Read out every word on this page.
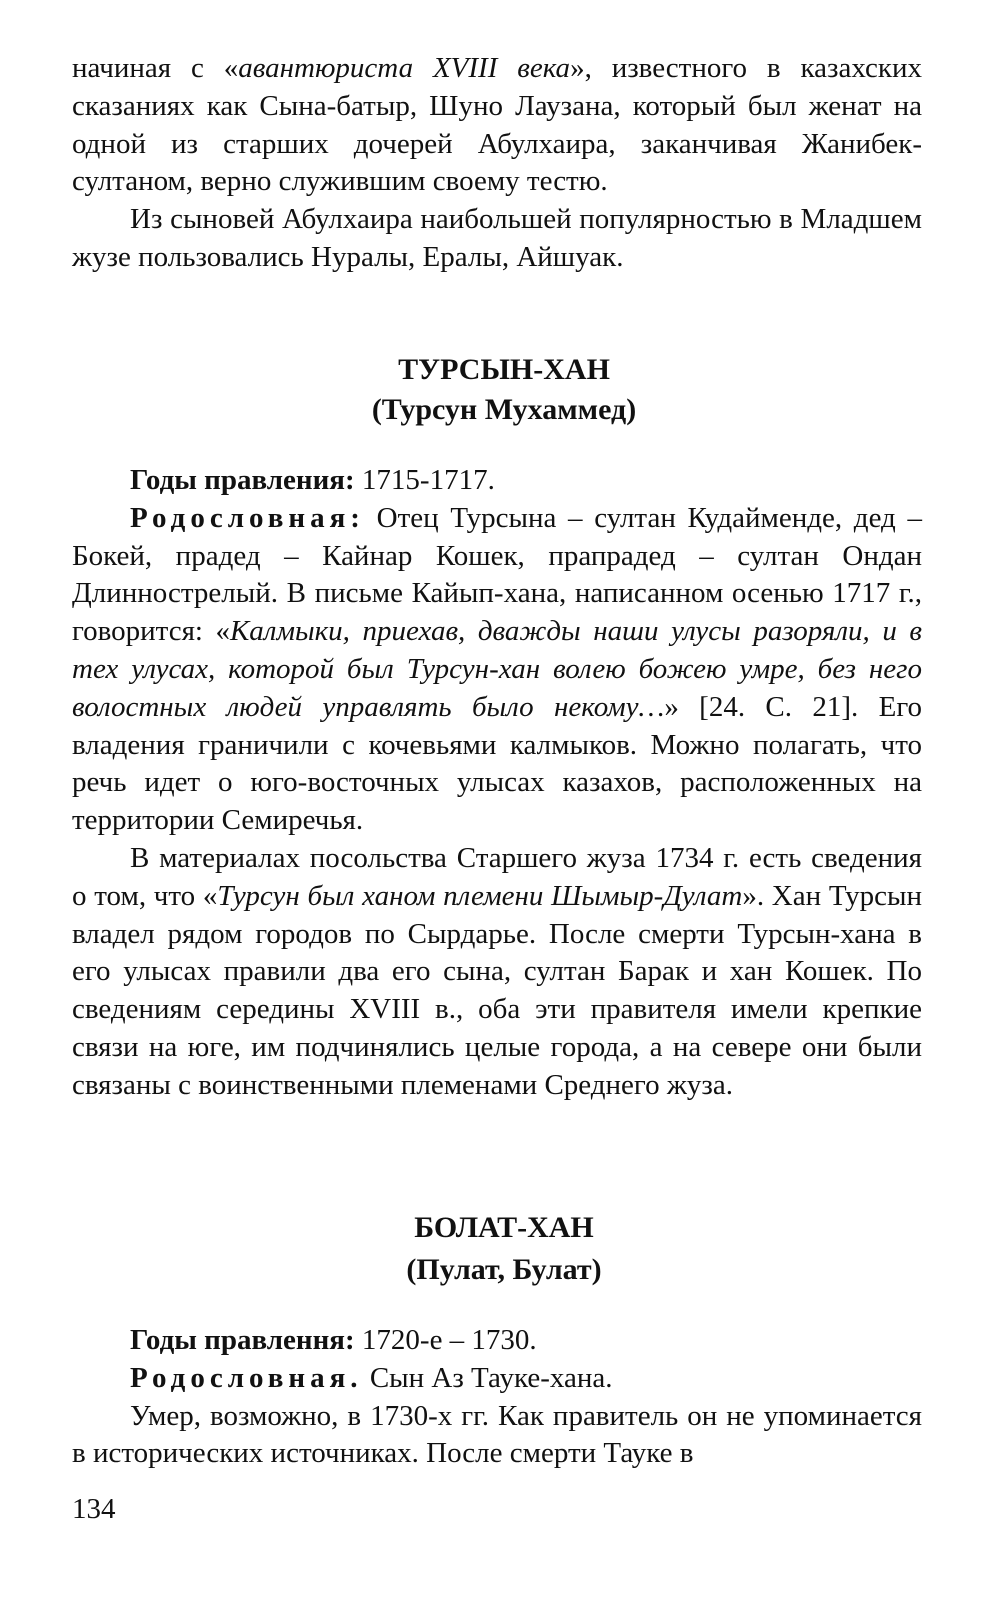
начиная с «авантюриста XVIII века», известного в казахских сказаниях как Сына-батыр, Шуно Лаузана, который был женат на одной из старших дочерей Абулхаира, заканчивая Жанибек-султаном, верно служившим своему тестю.

Из сыновей Абулхаира наибольшей популярностью в Младшем жузе пользовались Нуралы, Ералы, Айшуак.

ТУРСЫН-ХАН
(Турсун Мухаммед)

Годы правления: 1715-1717.

Родословная: Отец Турсына – султан Кудайменде, дед – Бокей, прадед – Кайнар Кошек, прапрадед – султан Ондан Длиннострелый. В письме Кайып-хана, написанном осенью 1717 г., говорится: «Калмыки, приехав, дважды наши улусы разоряли, и в тех улусах, которой был Турсун-хан волею божею умре, без него волостных людей управлять было некому…» [24. С. 21]. Его владения граничили с кочевьями калмыков. Можно полагать, что речь идет о юго-восточных улысах казахов, расположенных на территории Семиречья.

В материалах посольства Старшего жуза 1734 г. есть сведения о том, что «Турсун был ханом племени Шымыр-Дулат». Хан Турсын владел рядом городов по Сырдарье. После смерти Турсын-хана в его улысах правили два его сына, султан Барак и хан Кошек. По сведениям середины XVIII в., оба эти правителя имели крепкие связи на юге, им подчинялись целые города, а на севере они были связаны с воинственными племенами Среднего жуза.

БОЛАТ-ХАН
(Пулат, Булат)

Годы правлення: 1720-е – 1730.

Родословная. Сын Аз Тауке-хана.

Умер, возможно, в 1730-х гг. Как правитель он не упоминается в исторических источниках. После смерти Тауке в

134
